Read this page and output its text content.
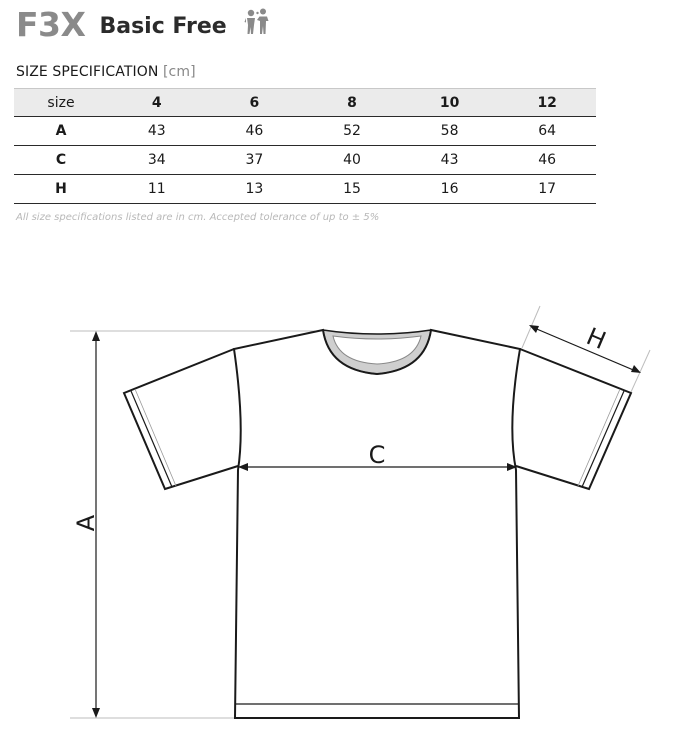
F3X Basic Free
SIZE SPECIFICATION [cm]
size	4	6	8	10	12
A	43	46	52	58	64
C	34	37	40	43	46
H	11	13	15	16	17
All size specifications listed are in cm. Accepted tolerance of up to ± 5%
A
C
H
